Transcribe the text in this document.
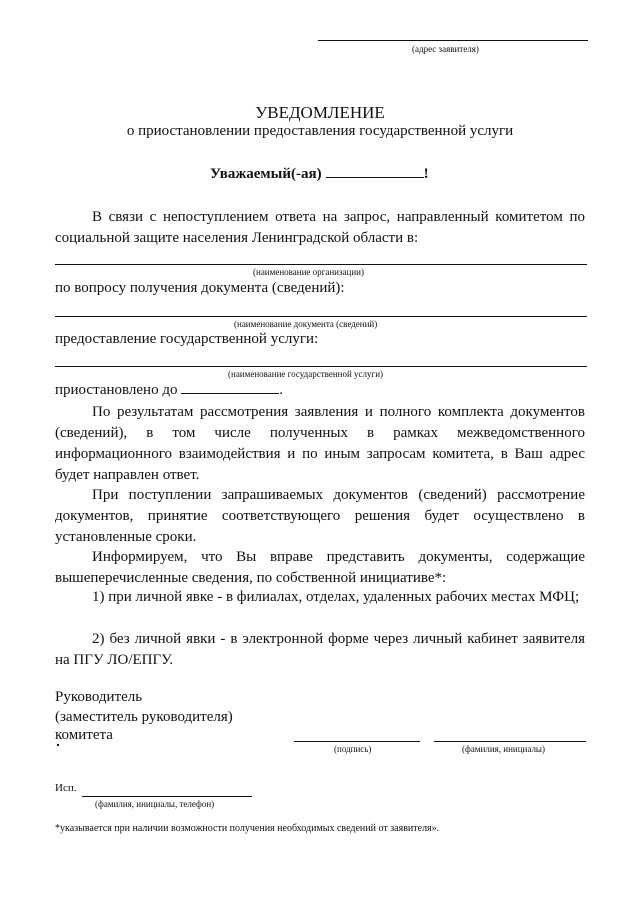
(адрес заявителя)
УВЕДОМЛЕНИЕ
о приостановлении предоставления государственной услуги
Уважаемый(-ая)	!
В связи с непоступлением ответа на запрос, направленный комитетом по социальной защите населения Ленинградской области в:
(наименование организации)
по вопросу получения документа (сведений):
(наименование документа (сведений)
предоставление государственной услуги:
(наименование государственной услуги)
приостановлено до	.
По результатам рассмотрения заявления и полного комплекта документов (сведений), в том числе полученных в рамках межведомственного информационного взаимодействия и по иным запросам комитета, в Ваш адрес будет направлен ответ.
При поступлении запрашиваемых документов (сведений) рассмотрение документов, принятие соответствующего решения будет осуществлено в установленные сроки.
Информируем, что Вы вправе представить документы, содержащие вышеперечисленные сведения, по собственной инициативе*:
1) при личной явке - в филиалах, отделах, удаленных рабочих местах МФЦ;
2) без личной явки - в электронной форме через личный кабинет заявителя на ПГУ ЛО/ЕПГУ.
Руководитель
(заместитель руководителя)
комитета
(подпись)	(фамилия, инициалы)
Исп.
(фамилия, инициалы, телефон)
*указывается при наличии возможности получения необходимых сведений от заявителя».
